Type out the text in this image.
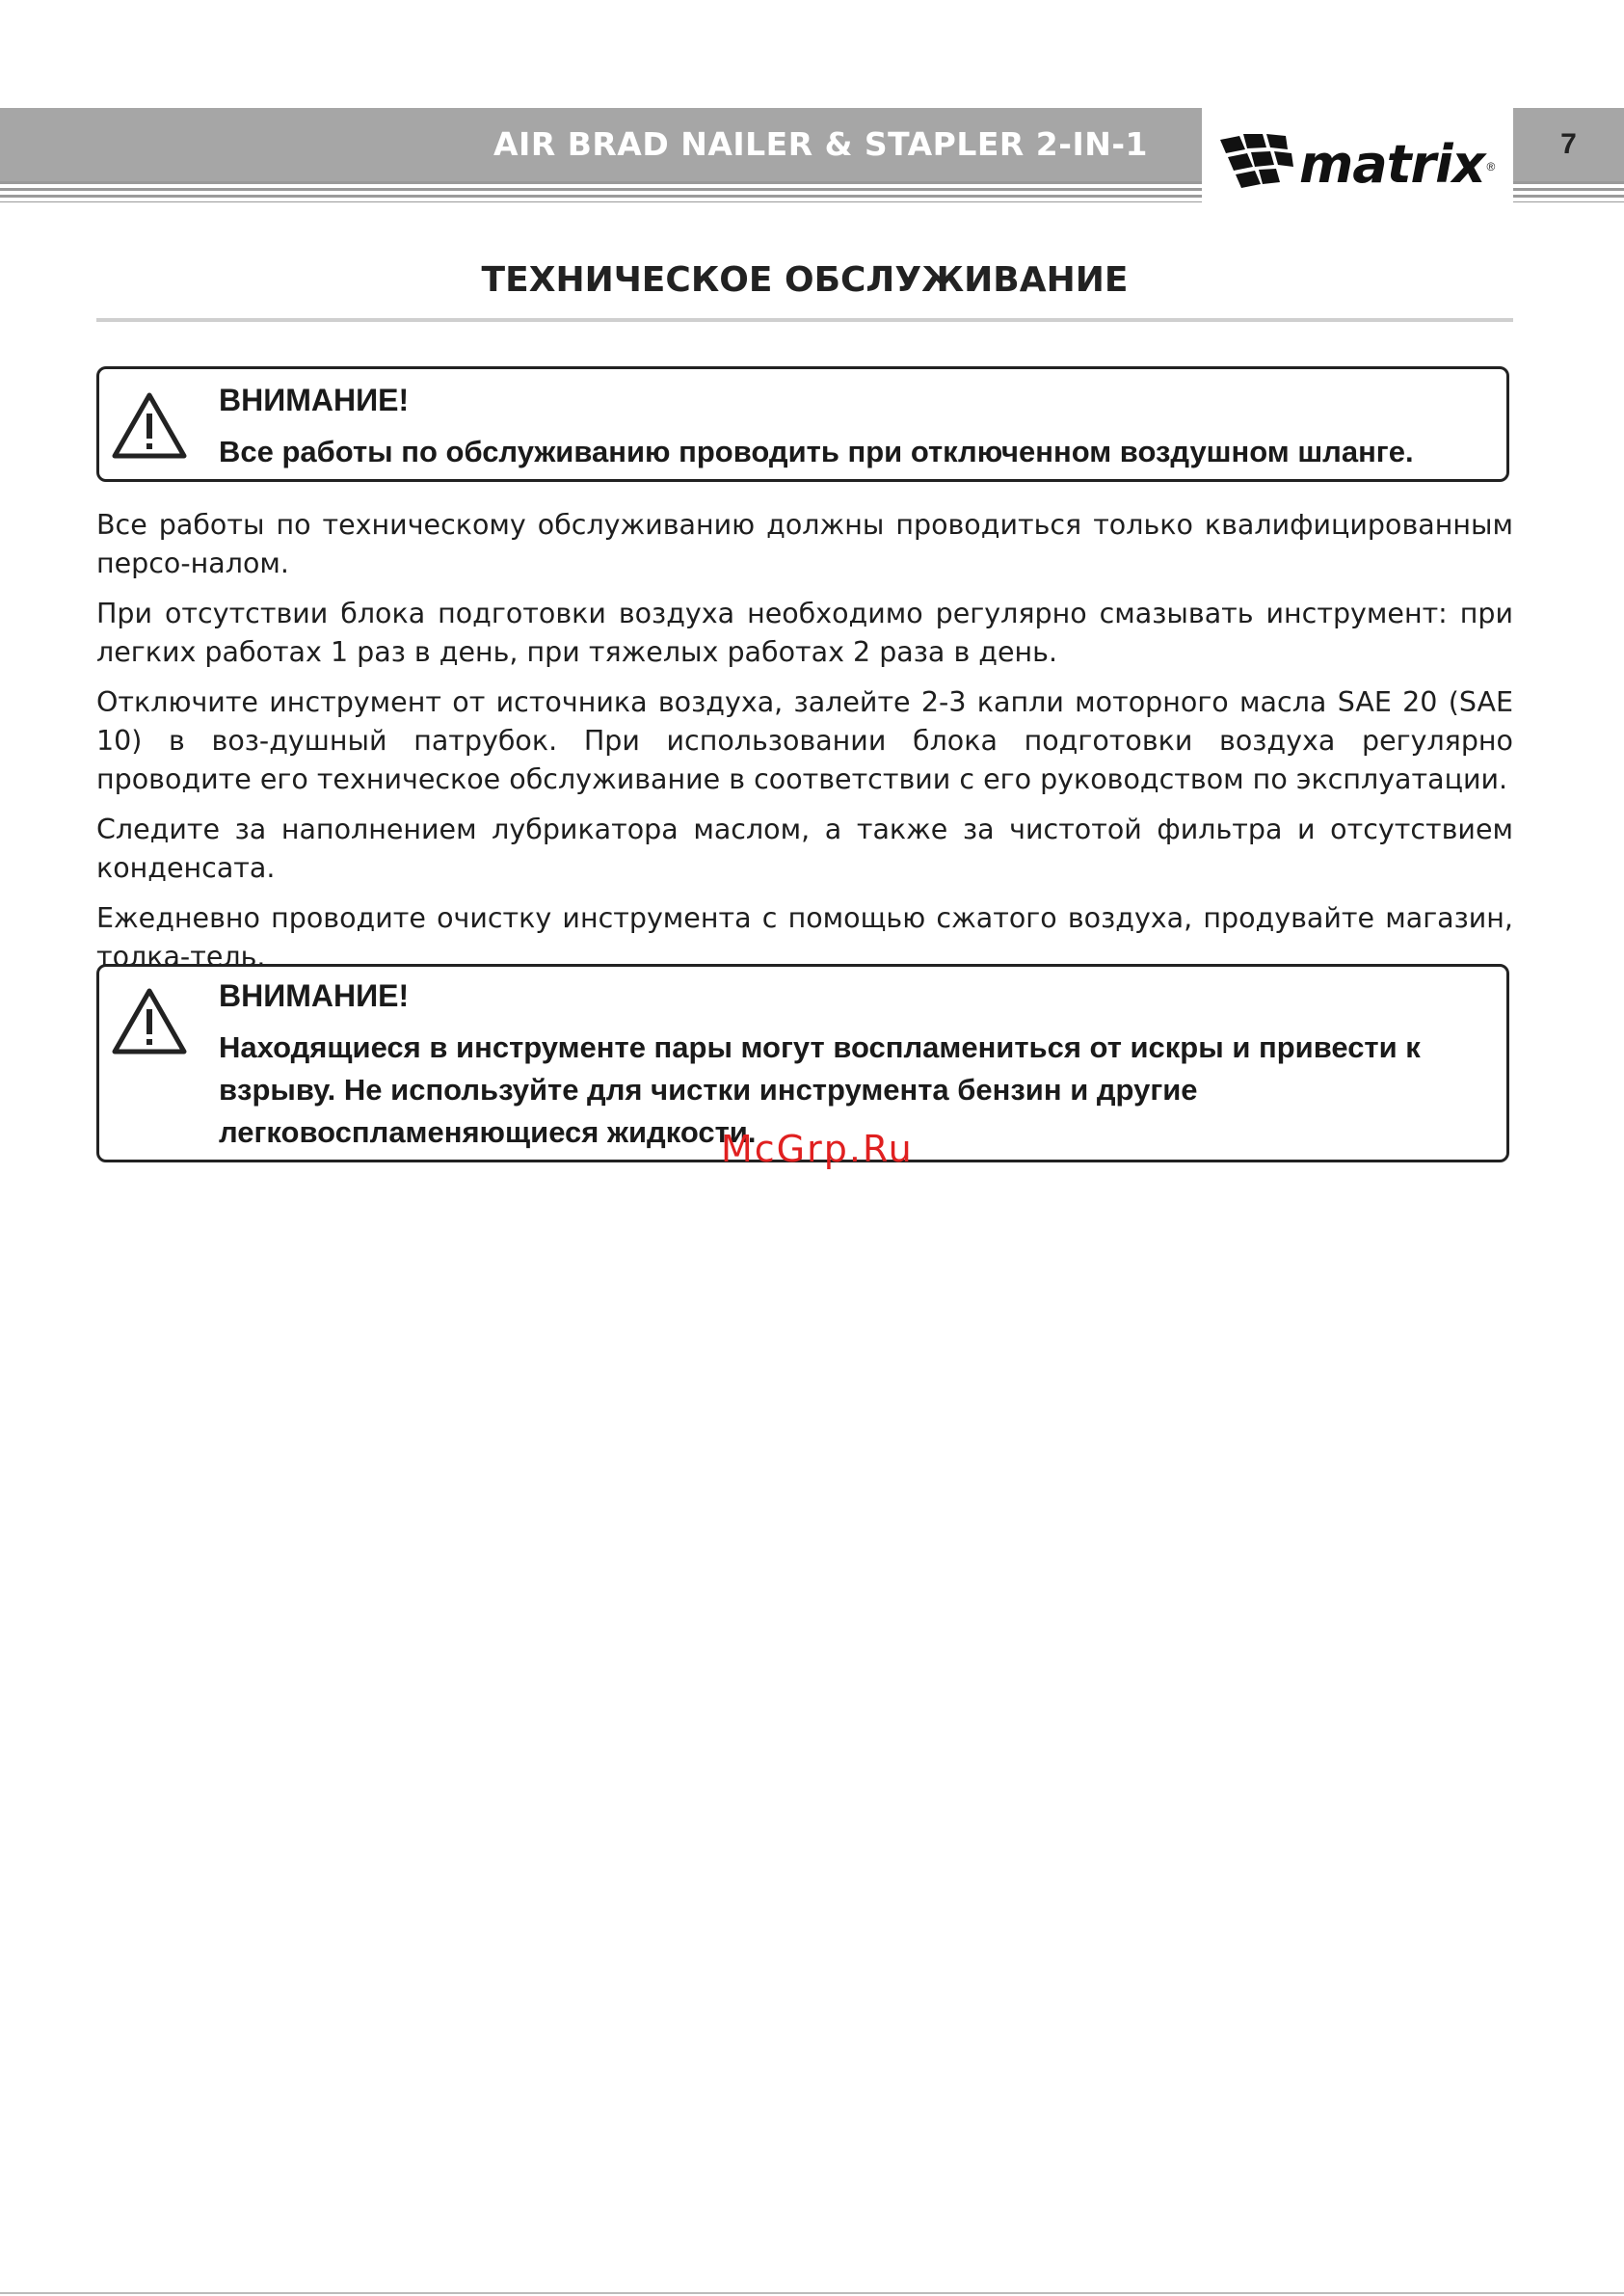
AIR BRAD NAILER & STAPLER 2-IN-1	matrix ®
7
ТЕХНИЧЕСКОЕ ОБСЛУЖИВАНИЕ
ВНИМАНИЕ!
Все работы по обслуживанию проводить при отключенном воздушном шланге.

Все работы по техническому обслуживанию должны проводиться только квалифицированным персо-налом.

При отсутствии блока подготовки воздуха необходимо регулярно смазывать инструмент: при легких работах 1 раз в день, при тяжелых работах 2 раза в день.

Отключите инструмент от источника воздуха, залейте 2-3 капли моторного масла SAE 20 (SAE 10) в воз-душный патрубок. При использовании блока подготовки воздуха регулярно проводите его техническое обслуживание в соответствии с его руководством по эксплуатации.

Следите за наполнением лубрикатора маслом, а также за чистотой фильтра и отсутствием конденсата.

Ежедневно проводите очистку инструмента с помощью сжатого воздуха, продувайте магазин, толка-тель.

ВНИМАНИЕ!
Находящиеся в инструменте пары могут воспламениться от искры и привести к взрыву. Не используйте для чистки инструмента бензин и другие легковоспламеняющиеся жидкости.
McGrp.Ru
